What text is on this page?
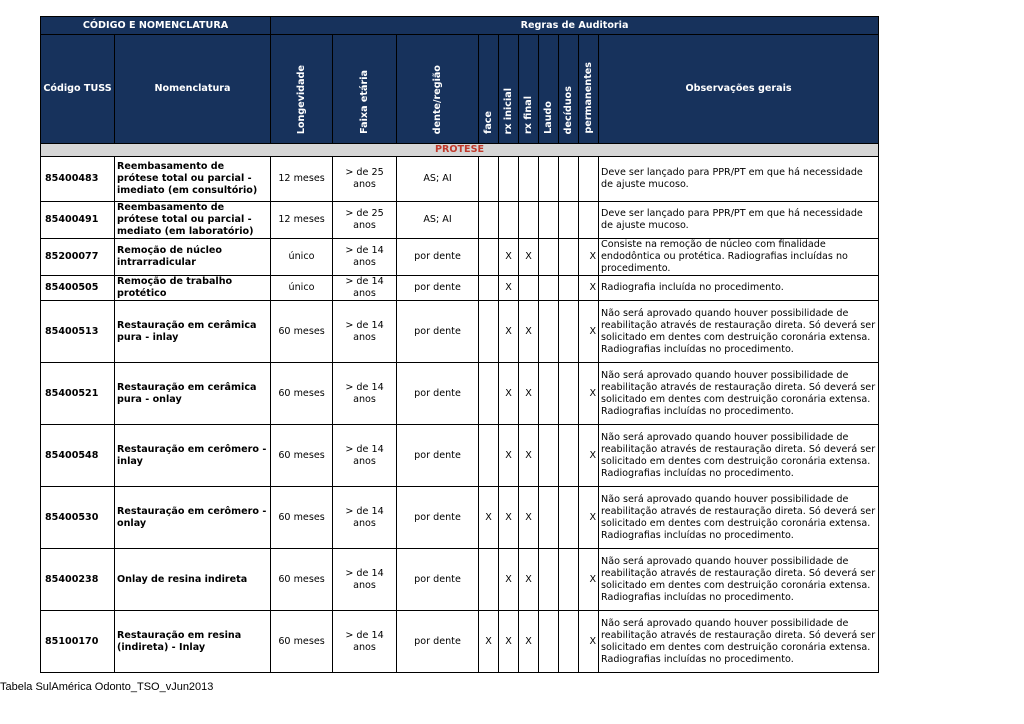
CÓDIGO E NOMENCLATURA		Regras de Auditoria									
Código TUSS	Nomenclatura	Longevidade	Faixa etária	dente/região	face	rx inicial	rx final	Laudo	decíduos	permanentes	Observações gerais
PRÓTESE											
85400483	Reembasamento de prótese total ou parcial - imediato (em consultório)	12 meses	> de 25 anos	AS; AI							Deve ser lançado para PPR/PT em que há necessidade de ajuste mucoso.
85400491	Reembasamento de prótese total ou parcial - mediato (em laboratório)	12 meses	> de 25 anos	AS; AI							Deve ser lançado para PPR/PT em que há necessidade de ajuste mucoso.
85200077	Remoção de núcleo intrarradicular	único	> de 14 anos	por dente		X	X			X	Consiste na remoção de núcleo com finalidade endodôntica ou protética. Radiografias incluídas no procedimento.
85400505	Remoção de trabalho protético	único	> de 14 anos	por dente		X				X	Radiografia incluída no procedimento.
85400513	Restauração em cerâmica pura - inlay	60 meses	> de 14 anos	por dente		X	X			X	Não será aprovado quando houver possibilidade de reabilitação através de restauração direta. Só deverá ser solicitado em dentes com destruição coronária extensa. Radiografias incluídas no procedimento.
85400521	Restauração em cerâmica pura - onlay	60 meses	> de 14 anos	por dente		X	X			X	Não será aprovado quando houver possibilidade de reabilitação através de restauração direta. Só deverá ser solicitado em dentes com destruição coronária extensa. Radiografias incluídas no procedimento.
85400548	Restauração em cerômero - inlay	60 meses	> de 14 anos	por dente		X	X			X	Não será aprovado quando houver possibilidade de reabilitação através de restauração direta. Só deverá ser solicitado em dentes com destruição coronária extensa. Radiografias incluídas no procedimento.
85400530	Restauração em cerômero - onlay	60 meses	> de 14 anos	por dente	X	X	X			X	Não será aprovado quando houver possibilidade de reabilitação através de restauração direta. Só deverá ser solicitado em dentes com destruição coronária extensa. Radiografias incluídas no procedimento.
85400238	Onlay de resina indireta	60 meses	> de 14 anos	por dente		X	X			X	Não será aprovado quando houver possibilidade de reabilitação através de restauração direta. Só deverá ser solicitado em dentes com destruição coronária extensa. Radiografias incluídas no procedimento.
85100170	Restauração em resina (indireta) - Inlay	60 meses	> de 14 anos	por dente	X	X	X			X	Não será aprovado quando houver possibilidade de reabilitação através de restauração direta. Só deverá ser solicitado em dentes com destruição coronária extensa. Radiografias incluídas no procedimento.
Tabela SulAmérica Odonto_TSO_vJun2013
